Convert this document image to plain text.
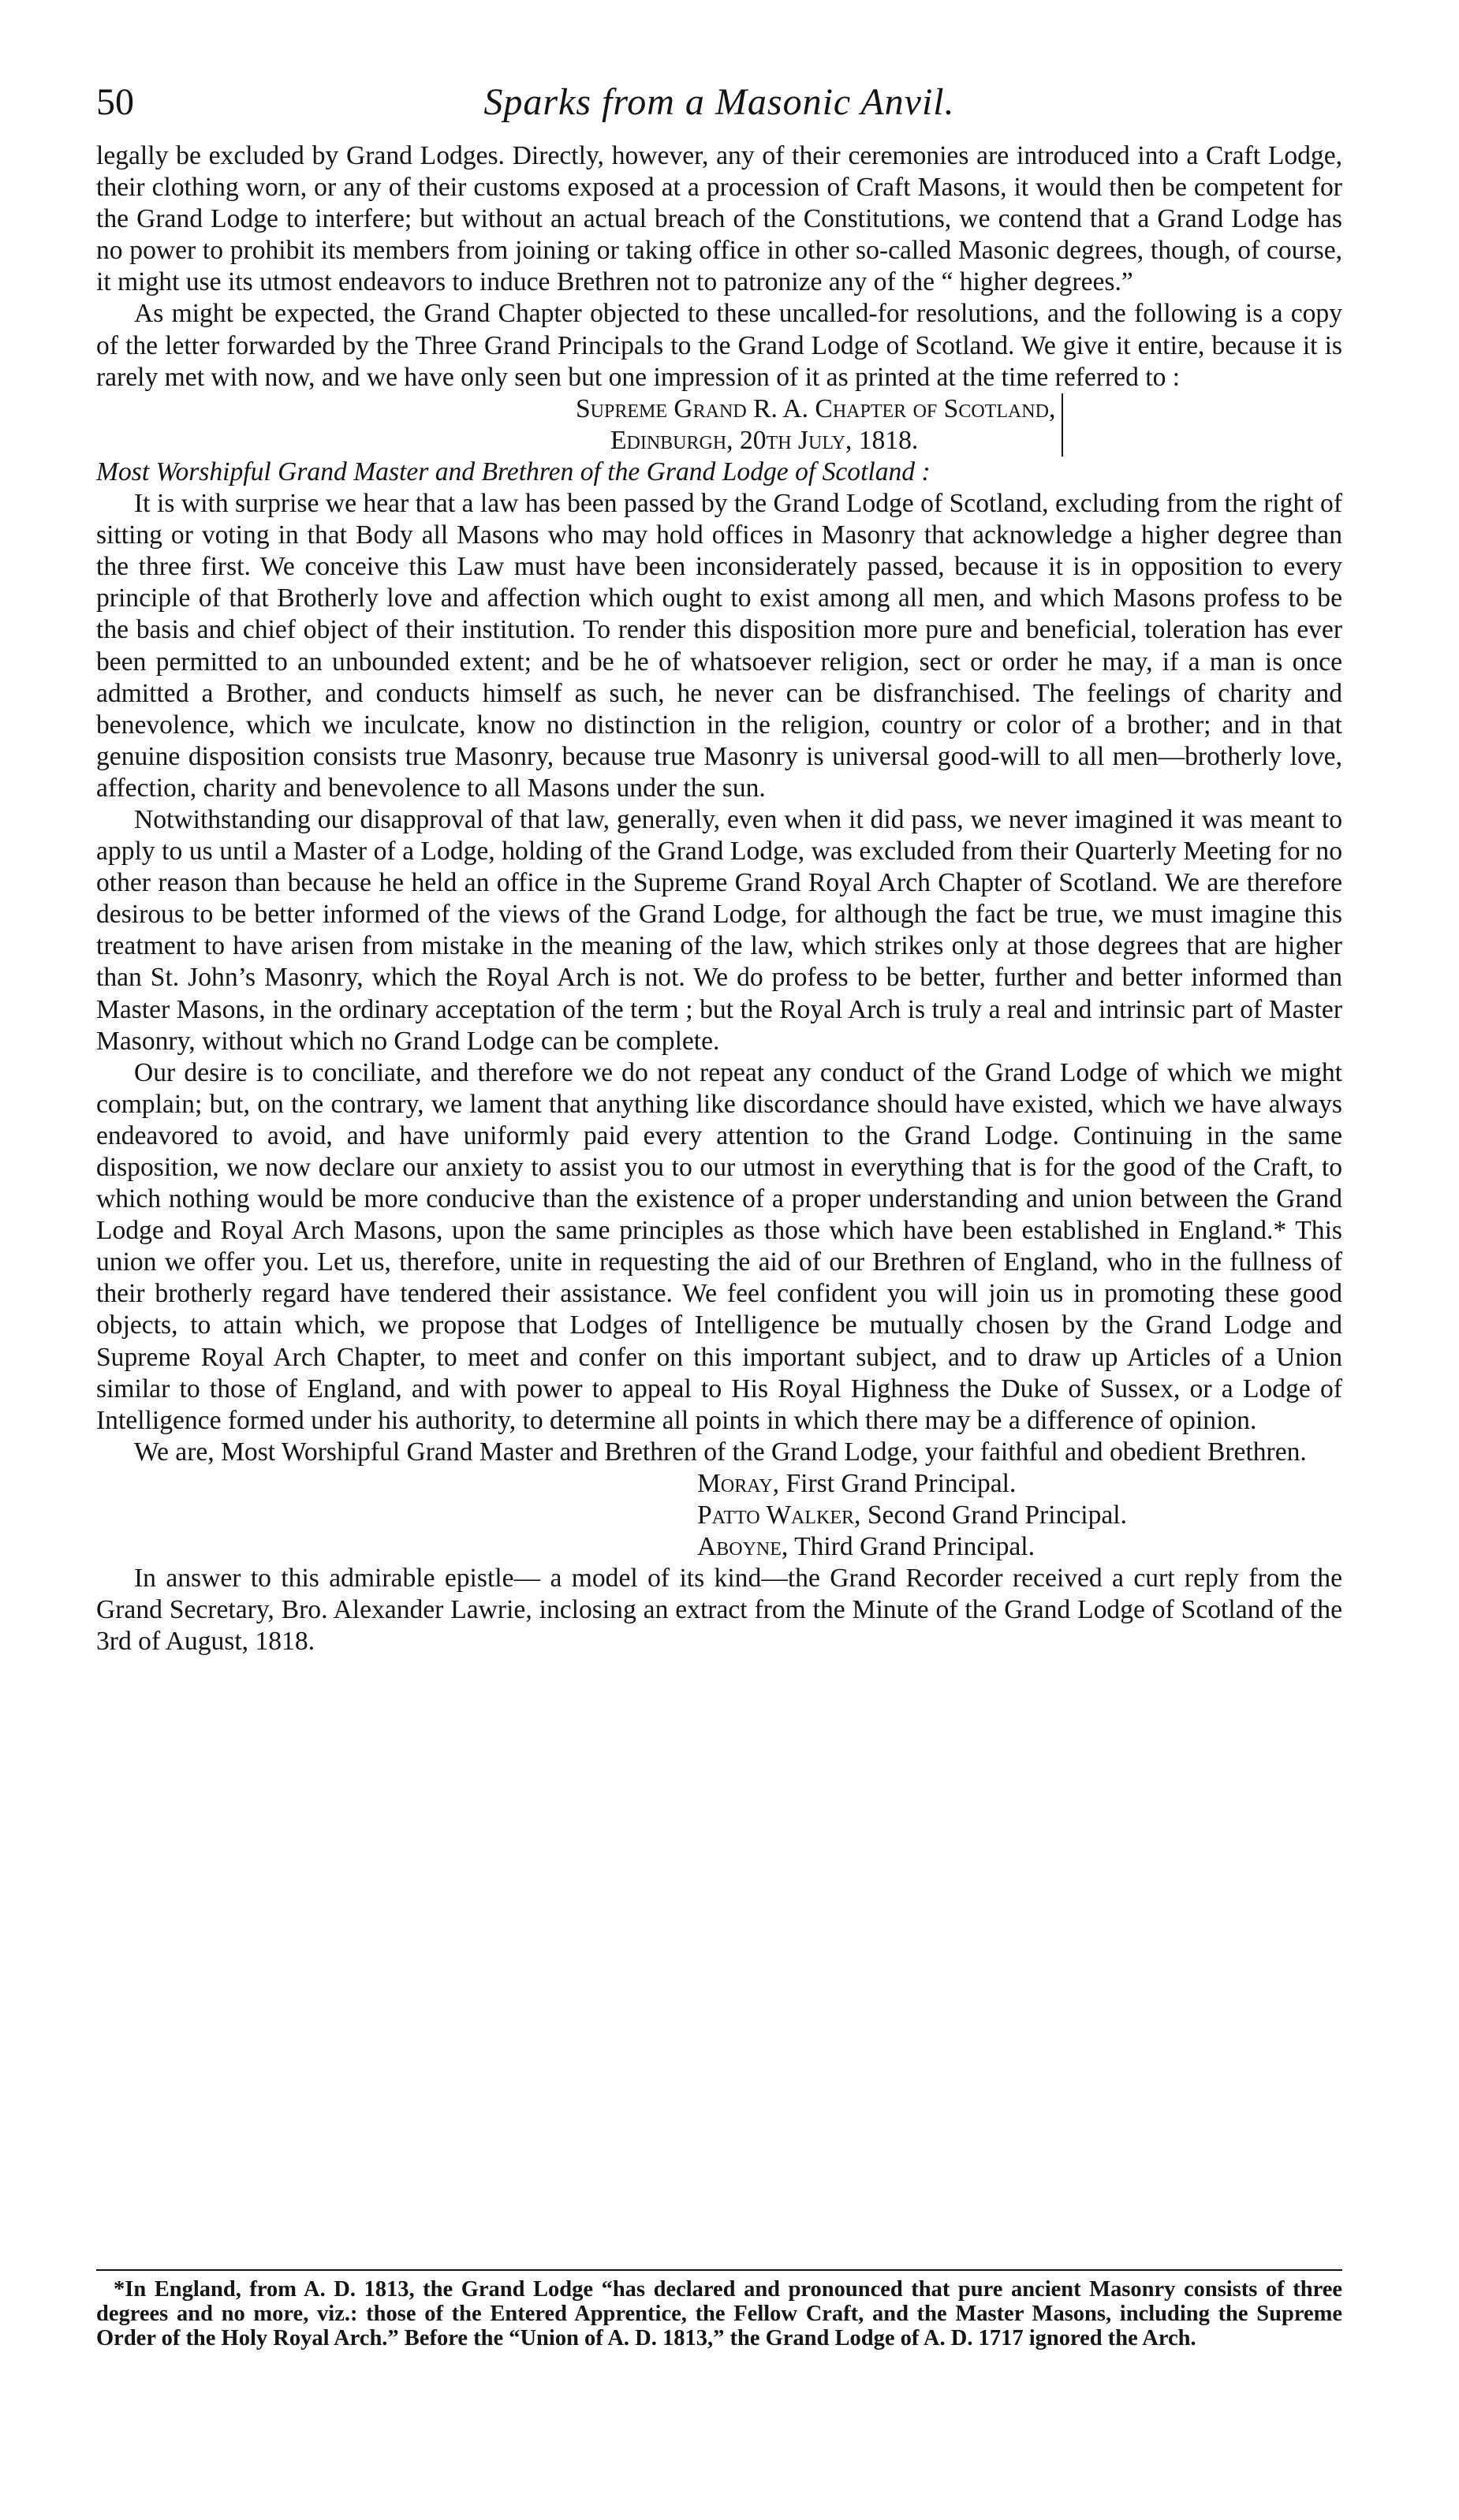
50	Sparks from a Masonic Anvil.

legally be excluded by Grand Lodges. Directly, however, any of their ceremonies are introduced into a Craft Lodge, their clothing worn, or any of their customs exposed at a procession of Craft Masons, it would then be competent for the Grand Lodge to interfere; but without an actual breach of the Constitutions, we contend that a Grand Lodge has no power to prohibit its members from joining or taking office in other so-called Masonic degrees, though, of course, it might use its utmost endeavors to induce Brethren not to patronize any of the “ higher degrees.”

As might be expected, the Grand Chapter objected to these uncalled-for resolutions, and the following is a copy of the letter forwarded by the Three Grand Principals to the Grand Lodge of Scotland. We give it entire, because it is rarely met with now, and we have only seen but one impression of it as printed at the time referred to :

Supreme Grand R. A. Chapter of Scotland,
Edinburgh, 20th July, 1818.

Most Worshipful Grand Master and Brethren of the Grand Lodge of Scotland :

It is with surprise we hear that a law has been passed by the Grand Lodge of Scotland, excluding from the right of sitting or voting in that Body all Masons who may hold offices in Masonry that acknowledge a higher degree than the three first. We conceive this Law must have been inconsiderately passed, because it is in opposition to every principle of that Brotherly love and affection which ought to exist among all men, and which Masons profess to be the basis and chief object of their institution. To render this disposition more pure and beneficial, toleration has ever been permitted to an unbounded extent; and be he of whatsoever religion, sect or order he may, if a man is once admitted a Brother, and conducts himself as such, he never can be disfranchised. The feelings of charity and benevolence, which we inculcate, know no distinction in the religion, country or color of a brother; and in that genuine disposition consists true Masonry, because true Masonry is universal good-will to all men—brotherly love, affection, charity and benevolence to all Masons under the sun.

Notwithstanding our disapproval of that law, generally, even when it did pass, we never imagined it was meant to apply to us until a Master of a Lodge, holding of the Grand Lodge, was excluded from their Quarterly Meeting for no other reason than because he held an office in the Supreme Grand Royal Arch Chapter of Scotland. We are therefore desirous to be better informed of the views of the Grand Lodge, for although the fact be true, we must imagine this treatment to have arisen from mistake in the meaning of the law, which strikes only at those degrees that are higher than St. John’s Masonry, which the Royal Arch is not. We do profess to be better, further and better informed than Master Masons, in the ordinary acceptation of the term ; but the Royal Arch is truly a real and intrinsic part of Master Masonry, without which no Grand Lodge can be complete.

Our desire is to conciliate, and therefore we do not repeat any conduct of the Grand Lodge of which we might complain; but, on the contrary, we lament that anything like discordance should have existed, which we have always endeavored to avoid, and have uniformly paid every attention to the Grand Lodge. Continuing in the same disposition, we now declare our anxiety to assist you to our utmost in everything that is for the good of the Craft, to which nothing would be more conducive than the existence of a proper understanding and union between the Grand Lodge and Royal Arch Masons, upon the same principles as those which have been established in England.* This union we offer you. Let us, therefore, unite in requesting the aid of our Brethren of England, who in the fullness of their brotherly regard have tendered their assistance. We feel confident you will join us in promoting these good objects, to attain which, we propose that Lodges of Intelligence be mutually chosen by the Grand Lodge and Supreme Royal Arch Chapter, to meet and confer on this important subject, and to draw up Articles of a Union similar to those of England, and with power to appeal to His Royal Highness the Duke of Sussex, or a Lodge of Intelligence formed under his authority, to determine all points in which there may be a difference of opinion.

We are, Most Worshipful Grand Master and Brethren of the Grand Lodge, your faithful and obedient Brethren.

Moray, First Grand Principal.
Patto Walker, Second Grand Principal.
Aboyne, Third Grand Principal.

In answer to this admirable epistle— a model of its kind—the Grand Recorder received a curt reply from the Grand Secretary, Bro. Alexander Lawrie, inclosing an extract from the Minute of the Grand Lodge of Scotland of the 3rd of August, 1818.

*In England, from A. D. 1813, the Grand Lodge “has declared and pronounced that pure ancient Masonry consists of three degrees and no more, viz.: those of the Entered Apprentice, the Fellow Craft, and the Master Masons, including the Supreme Order of the Holy Royal Arch.” Before the “Union of A. D. 1813,” the Grand Lodge of A. D. 1717 ignored the Arch.
